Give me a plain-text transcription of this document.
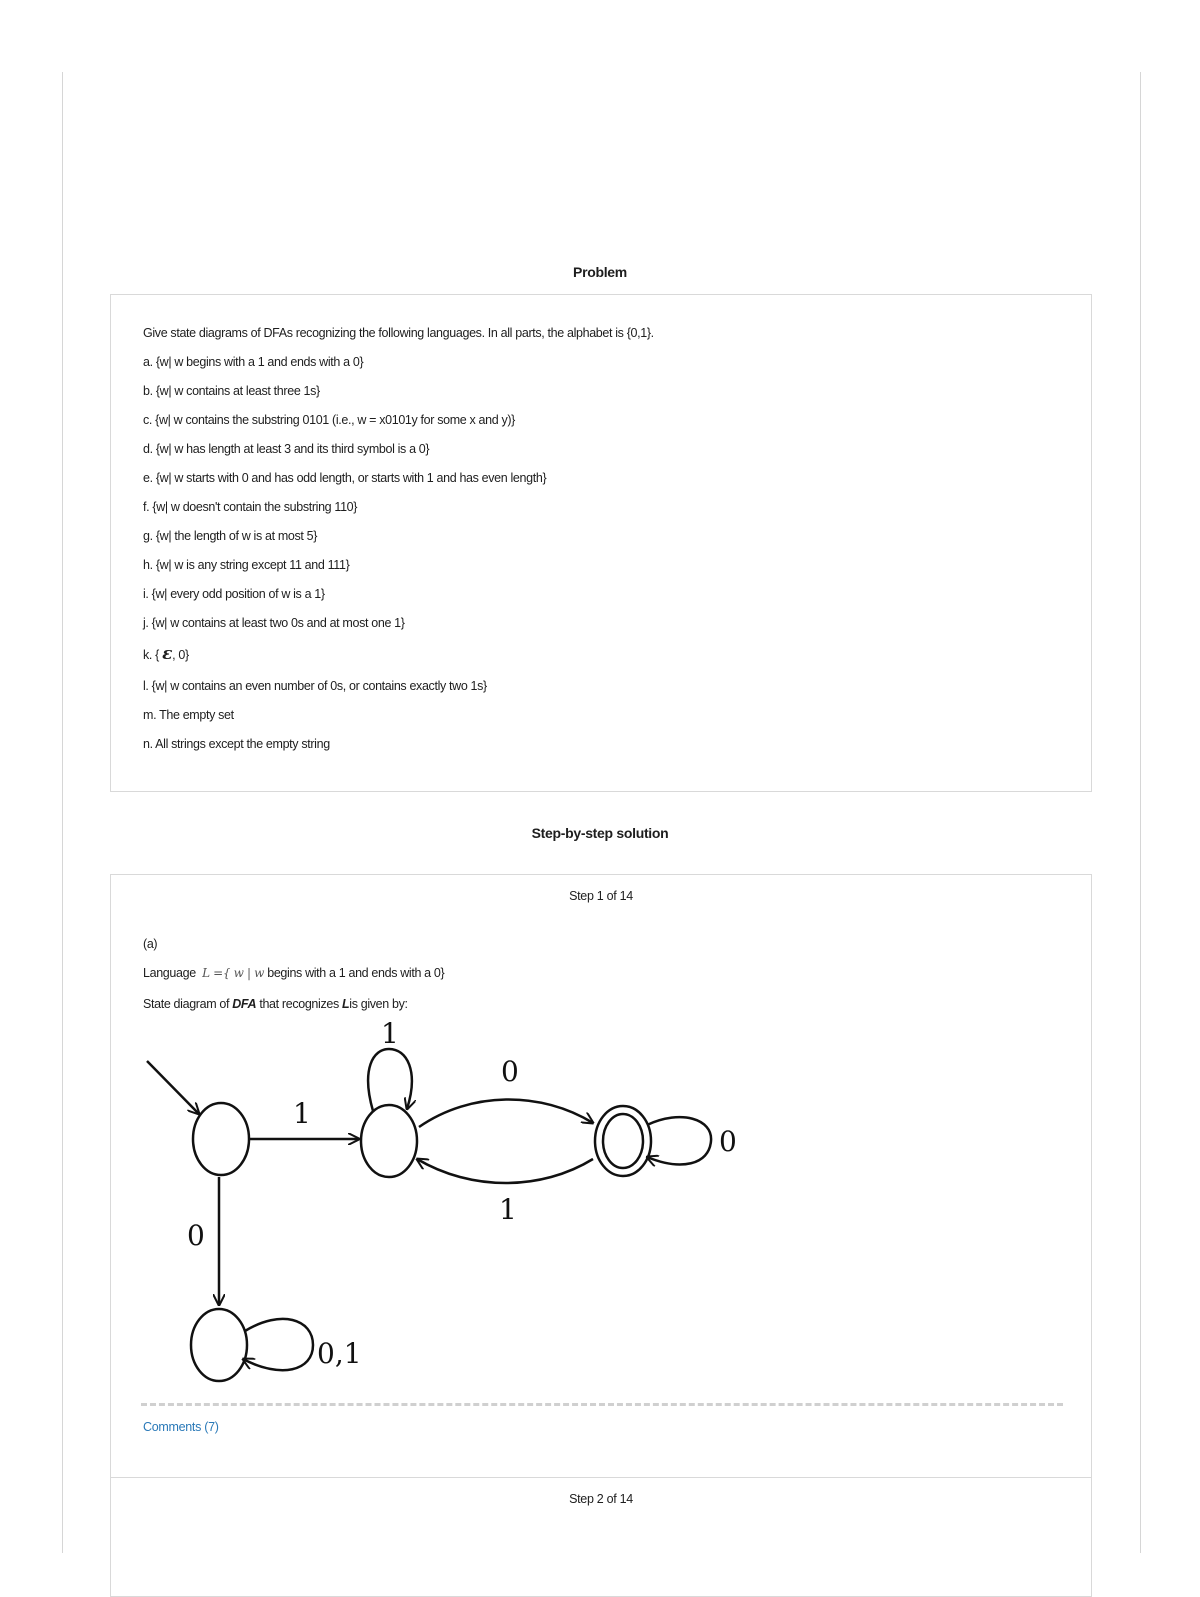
Problem

Give state diagrams of DFAs recognizing the following languages. In all parts, the alphabet is {0,1}.

a. {w| w begins with a 1 and ends with a 0}

b. {w| w contains at least three 1s}

c. {w| w contains the substring 0101 (i.e., w = x0101y for some x and y)}

d. {w| w has length at least 3 and its third symbol is a 0}

e. {w| w starts with 0 and has odd length, or starts with 1 and has even length}

f. {w| w doesn't contain the substring 110}

g. {w| the length of w is at most 5}

h. {w| w is any string except 11 and 111}

i. {w| every odd position of w is a 1}

j. {w| w contains at least two 0s and at most one 1}

k. { ε, 0}

l. {w| w contains an even number of 0s, or contains exactly two 1s}

m. The empty set

n. All strings except the empty string

Step-by-step solution
Step 1 of 14
(a)
Language L ={ w | w begins with a 1 and ends with a 0}
State diagram of DFA that recognizes Lis given by:
1
1
0
1
0
0
0,1
Comments (7)
Step 2 of 14
